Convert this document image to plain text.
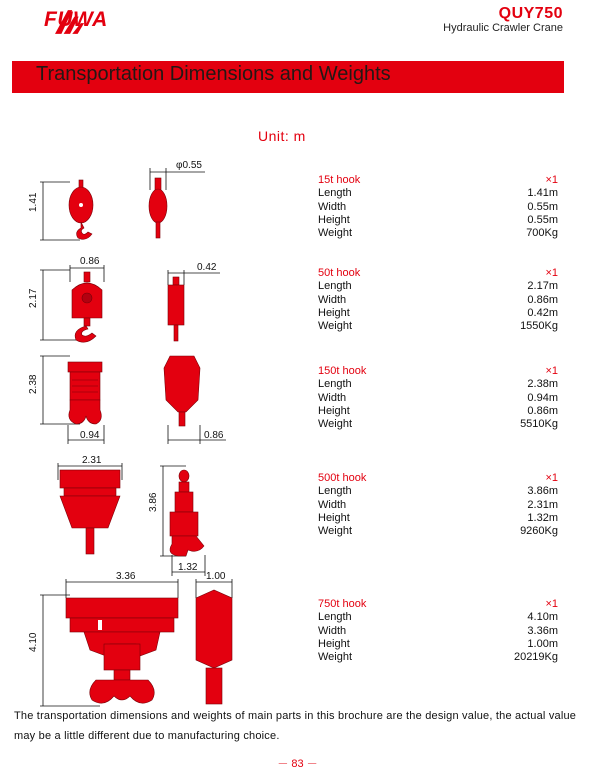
FUWA	QUY750
Hydraulic Crawler Crane
Transportation Dimensions and Weights
Unit: m
1.41
φ0.55
2.17
0.86
0.42
2.38
0.94	0.86
2.31
3.86
1.32
3.36	1.00
4.10
15t hook	×1
Length	1.41m
Width	0.55m
Height	0.55m
Weight	700Kg
50t hook	×1
Length	2.17m
Width	0.86m
Height	0.42m
Weight	1550Kg
150t hook	×1
Length	2.38m
Width	0.94m
Height	0.86m
Weight	5510Kg
500t hook	×1
Length	3.86m
Width	2.31m
Height	1.32m
Weight	9260Kg
750t hook	×1
Length	4.10m
Width	3.36m
Height	1.00m
Weight	20219Kg
The transportation dimensions and weights of main parts in this brochure are the design value, the actual value may be a little different due to manufacturing choice.
－ 83 －
